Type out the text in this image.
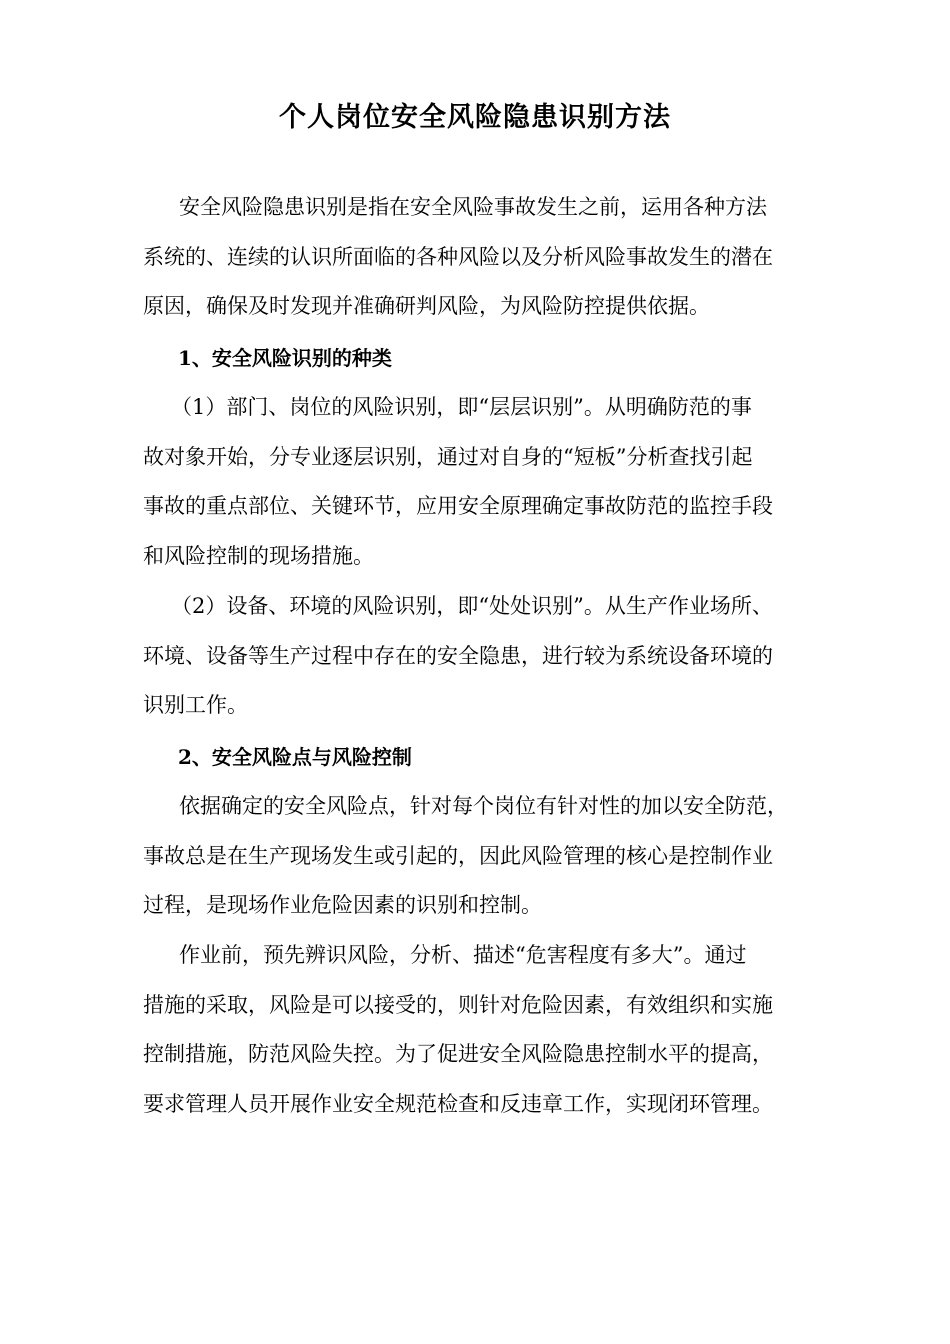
个人岗位安全风险隐患识别方法
安全风险隐患识别是指在安全风险事故发生之前，运用各种方法
系统的、连续的认识所面临的各种风险以及分析风险事故发生的潜在
原因，确保及时发现并准确研判风险，为风险防控提供依据。
1、安全风险识别的种类
（1）部门、岗位的风险识别，即“层层识别”。从明确防范的事
故对象开始，分专业逐层识别，通过对自身的“短板”分析查找引起
事故的重点部位、关键环节，应用安全原理确定事故防范的监控手段
和风险控制的现场措施。
（2）设备、环境的风险识别，即“处处识别”。从生产作业场所、
环境、设备等生产过程中存在的安全隐患，进行较为系统设备环境的
识别工作。
2、安全风险点与风险控制
依据确定的安全风险点，针对每个岗位有针对性的加以安全防范，
事故总是在生产现场发生或引起的，因此风险管理的核心是控制作业
过程，是现场作业危险因素的识别和控制。
作业前，预先辨识风险，分析、描述“危害程度有多大”。通过
措施的采取，风险是可以接受的，则针对危险因素，有效组织和实施
控制措施，防范风险失控。为了促进安全风险隐患控制水平的提高，
要求管理人员开展作业安全规范检查和反违章工作，实现闭环管理。
